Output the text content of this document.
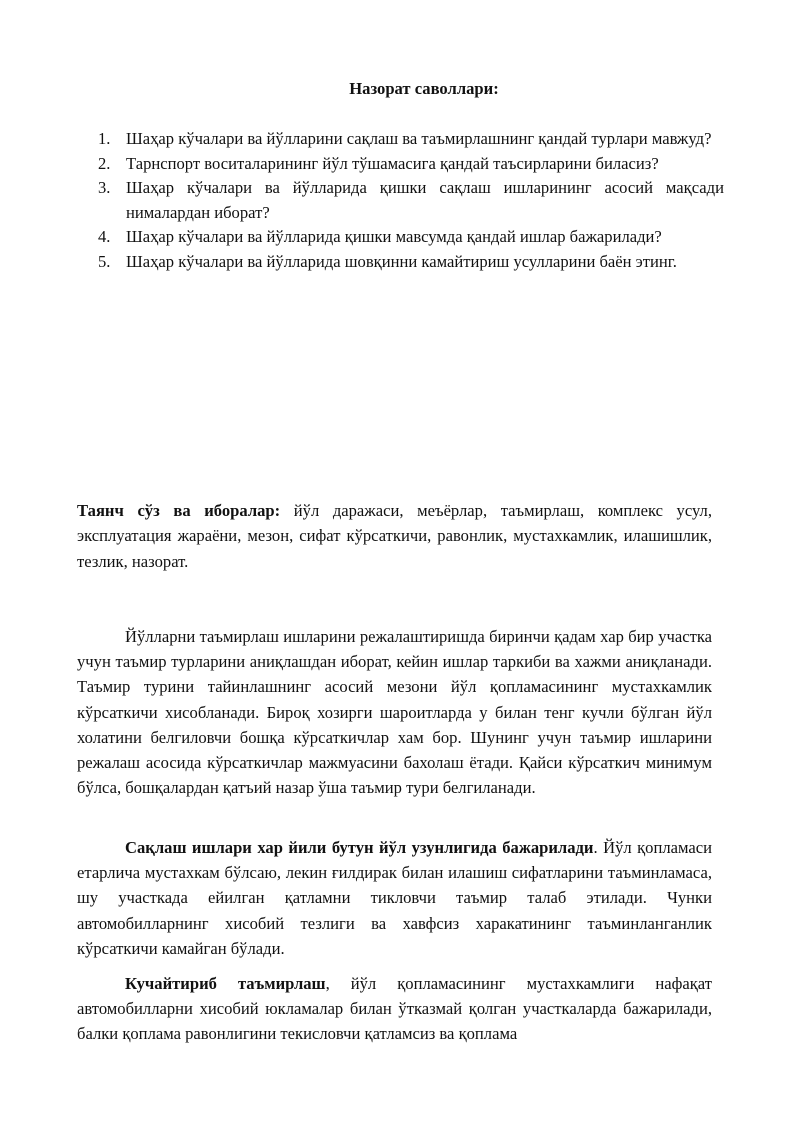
Назорат саволлари:
1. Шаҳар кўчалари ва йўлларини сақлаш ва таъмирлашнинг қандай турлари мавжуд?
2. Тарнспорт воситаларининг йўл тўшамасига қандай таъсирларини биласиз?
3. Шаҳар кўчалари ва йўлларида қишки сақлаш ишларининг асосий мақсади нималардан иборат?
4. Шаҳар кўчалари ва йўлларида қишки мавсумда қандай ишлар бажарилади?
5. Шаҳар кўчалари ва йўлларида шовқинни камайтириш усулларини баён этинг.

Таянч сўз ва иборалар: йўл даражаси, меъёрлар, таъмирлаш, комплекс усул, эксплуатация жараёни, мезон, сифат кўрсаткичи, равонлик, мустахкамлик, илашишлик, тезлик, назорат.

Йўлларни таъмирлаш ишларини режалаштиришда биринчи қадам хар бир участка учун таъмир турларини аниқлашдан иборат, кейин ишлар таркиби ва хажми аниқланади. Таъмир турини тайинлашнинг асосий мезони йўл қопламасининг мустахкамлик кўрсаткичи хисобланади. Бироқ хозирги шароитларда у билан тенг кучли бўлган йўл холатини белгиловчи бошқа кўрсаткичлар хам бор. Шунинг учун таъмир ишларини режалаш асосида кўрсаткичлар мажмуасини бахолаш ётади. Қайси кўрсаткич минимум бўлса, бошқалардан қатъий назар ўша таъмир тури белгиланади.

Сақлаш ишлари хар йили бутун йўл узунлигида бажарилади. Йўл қопламаси етарлича мустахкам бўлсаю, лекин ғилдирак билан илашиш сифатларини таъминламаса, шу участкада ейилган қатламни тикловчи таъмир талаб этилади. Чунки автомобилларнинг хисобий тезлиги ва хавфсиз харакатининг таъминланганлик кўрсаткичи камайган бўлади.

Кучайтириб таъмирлаш, йўл қопламасининг мустахкамлиги нафақат автомобилларни хисобий юкламалар билан ўтказмай қолган участкаларда бажарилади, балки қоплама равонлигини текисловчи қатламсиз ва қоплама
